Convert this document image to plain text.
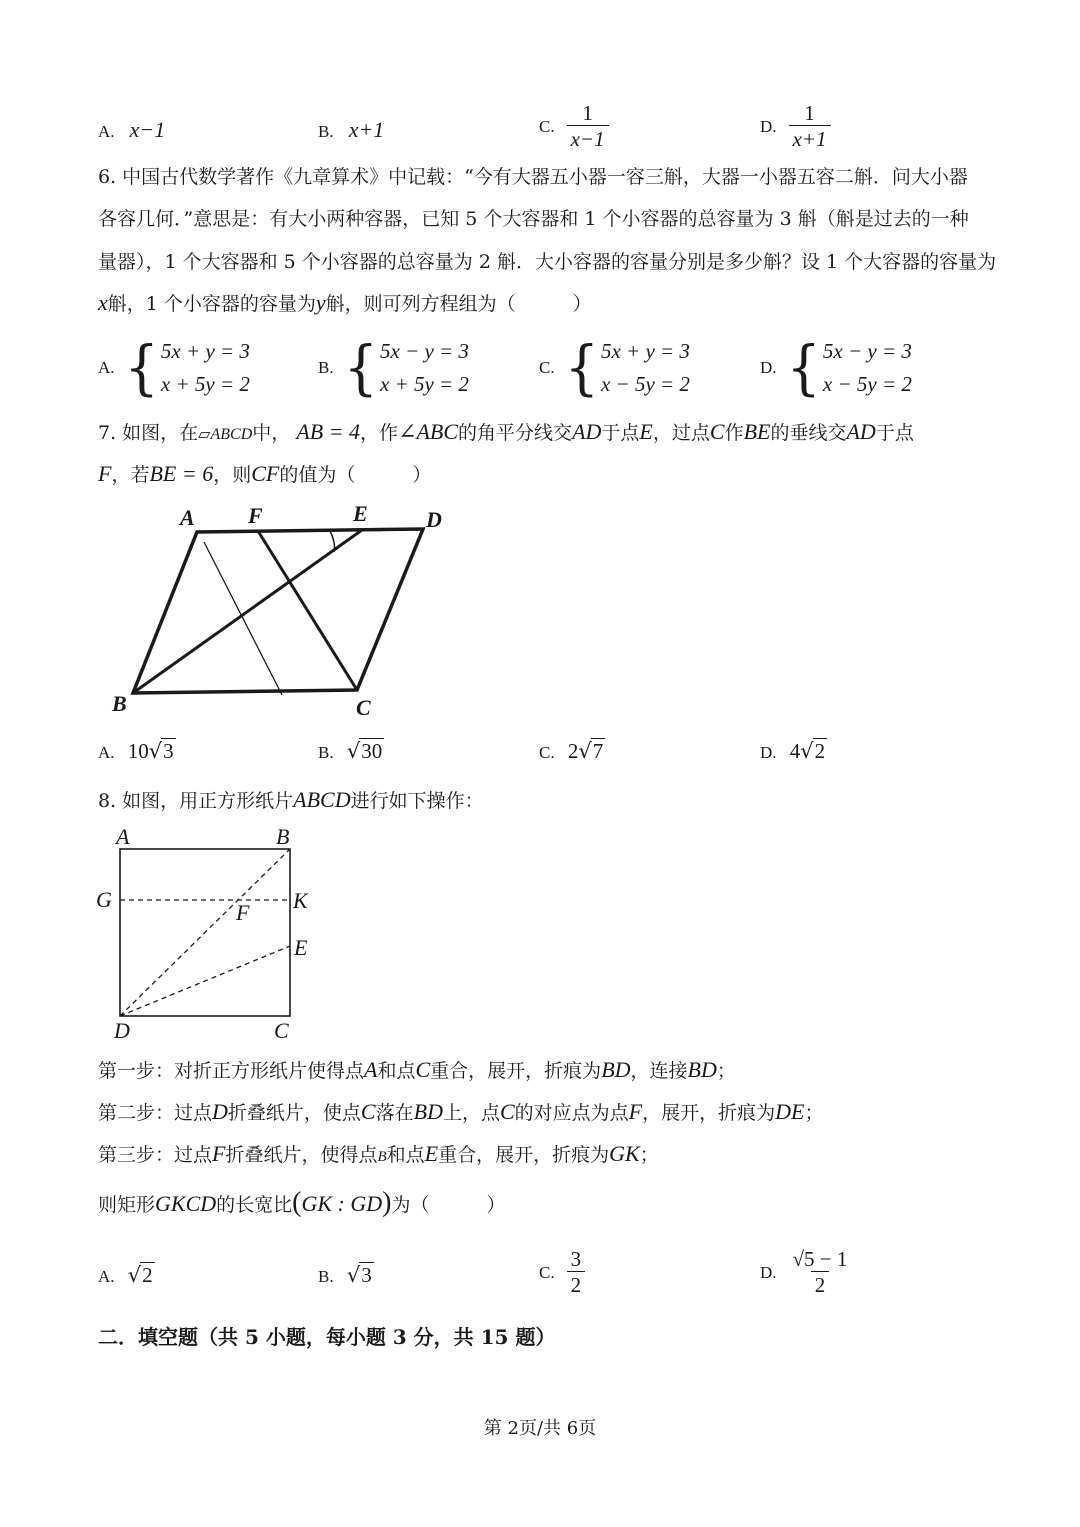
A. x−1	B. x+1	C. $\frac{1}{x-1}$	D. $\frac{1}{x+1}$
6. 中国古代数学著作《九章算术》中记载：“今有大器五小器一容三斛，大器一小器五容二斛．问大小器
各容几何．”意思是：有大小两种容器，已知 5 个大容器和 1 个小容器的总容量为 3 斛（斛是过去的一种
量器），1 个大容器和 5 个小容器的总容量为 2 斛．大小容器的容量分别是多少斛？设 1 个大容器的容量为
x斛，1 个小容器的容量为y斛，则可列方程组为（　　　）
A. { 5x + y = 3
x + 5y = 2
B. { 5x − y = 3
x + 5y = 2
C. { 5x + y = 3
x − 5y = 2
D. { 5x − y = 3
x − 5y = 2
7. 如图，在▱ABCD中， AB = 4，作∠ABC的角平分线交AD于点E，过点C作BE的垂线交AD于点
F，若BE = 6，则CF的值为（　　　）
A F	E	D
B	C
A. 10√3	B. √30	C. 2√7	D. 4√2
8. 如图，用正方形纸片ABCD进行如下操作：
A	B
G	K
F
E
D	C
第一步：对折正方形纸片使得点A和点C重合，展开，折痕为BD，连接BD；
第二步：过点D折叠纸片，使点C落在BD上，点C的对应点为点F，展开，折痕为DE；
第三步：过点F折叠纸片，使得点B和点E重合，展开，折痕为GK；
则矩形GKCD的长宽比(GK : GD)为（　　　）
A. √2	B. √3	C. $\frac{3}{2}$	D. $\frac{√5 - 1}{2}$
二．填空题（共 5 小题，每小题 3 分，共 15 题）
第 2页/共 6页
